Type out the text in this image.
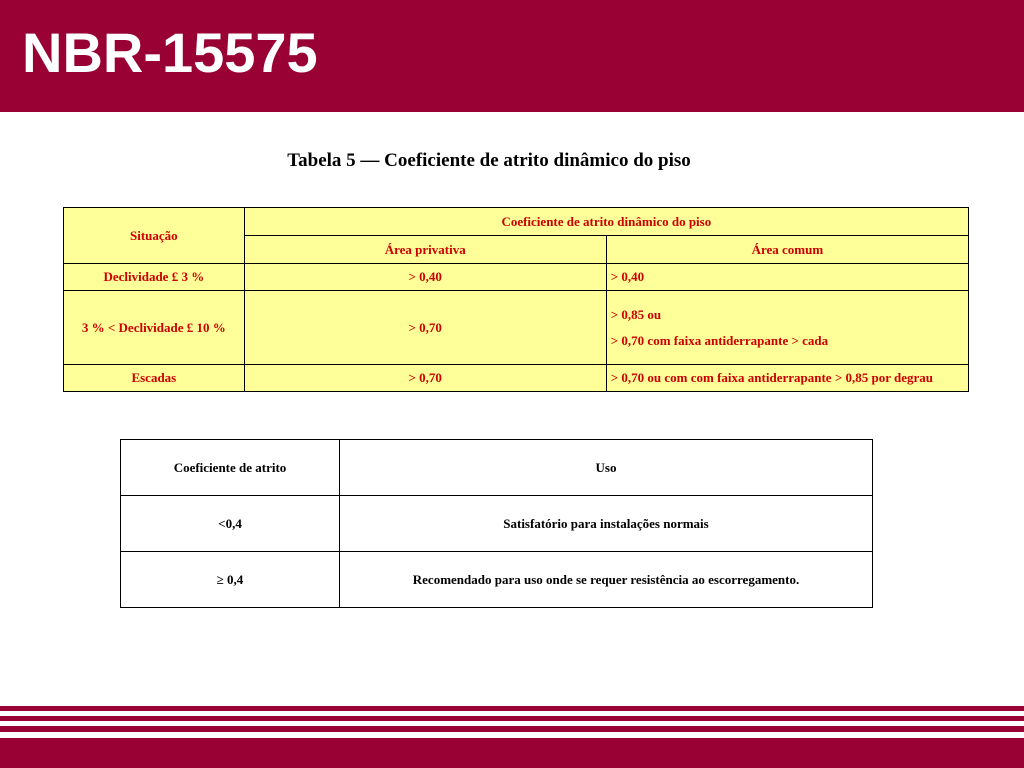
NBR-15575
Tabela 5 — Coeficiente de atrito dinâmico do piso
Situação	Coeficiente de atrito dinâmico do piso	
	Área privativa	Área comum
Declividade £ 3 %	> 0,40	> 0,40
3 % < Declividade £ 10 %	> 0,70	> 0,85 ou
> 0,70 com faixa antiderrapante > cada

Escadas	> 0,70	> 0,70 ou com com faixa antiderrapante > 0,85 por degrau
Coeficiente de atrito	Uso
<0,4	Satisfatório para instalações normais
≥ 0,4	Recomendado para uso onde se requer resistência ao escorregamento.
